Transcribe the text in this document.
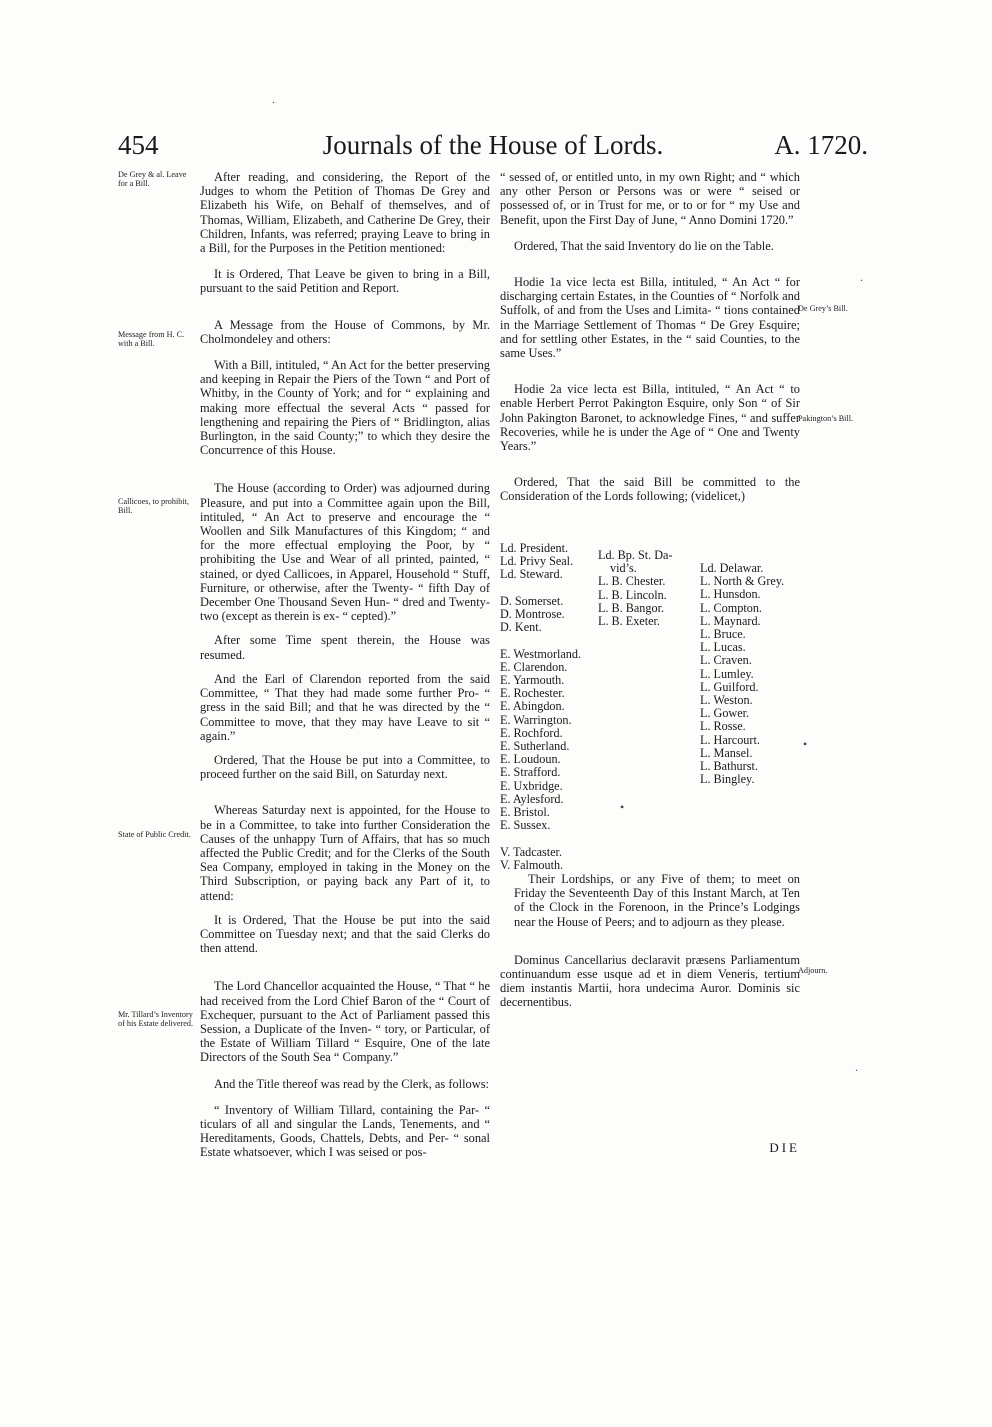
454	Journals of the House of Lords.	A. 1720.
.
De Grey & al. Leave for a Bill.
Message from H. C. with a Bill.
Callicoes, to prohibit, Bill.
State of Public Credit.
Mr. Tillard’s Inventory of his Estate delivered.

After reading, and considering, the Report of the Judges to whom the Petition of Thomas De Grey and Elizabeth his Wife, on Behalf of themselves, and of Thomas, William, Elizabeth, and Catherine De Grey, their Children, Infants, was referred; praying Leave to bring in a Bill, for the Purposes in the Petition mentioned:

It is Ordered, That Leave be given to bring in a Bill, pursuant to the said Petition and Report.

A Message from the House of Commons, by Mr. Cholmondeley and others:

With a Bill, intituled, “ An Act for the better preserving and keeping in Repair the Piers of the Town “ and Port of Whitby, in the County of York; and for “ explaining and making more effectual the several Acts “ passed for lengthening and repairing the Piers of “ Bridlington, alias Burlington, in the said County;” to which they desire the Concurrence of this House.

The House (according to Order) was adjourned during Pleasure, and put into a Committee again upon the Bill, intituled, “ An Act to preserve and encourage the “ Woollen and Silk Manufactures of this Kingdom; “ and for the more effectual employing the Poor, by “ prohibiting the Use and Wear of all printed, painted, “ stained, or dyed Callicoes, in Apparel, Household “ Stuff, Furniture, or otherwise, after the Twenty- “ fifth Day of December One Thousand Seven Hun- “ dred and Twenty-two (except as therein is ex- “ cepted).”

After some Time spent therein, the House was resumed.

And the Earl of Clarendon reported from the said Committee, “ That they had made some further Pro- “ gress in the said Bill; and that he was directed by the “ Committee to move, that they may have Leave to sit “ again.”

Ordered, That the House be put into a Committee, to proceed further on the said Bill, on Saturday next.

Whereas Saturday next is appointed, for the House to be in a Committee, to take into further Consideration the Causes of the unhappy Turn of Affairs, that has so much affected the Public Credit; and for the Clerks of the South Sea Company, employed in taking in the Money on the Third Subscription, or paying back any Part of it, to attend:

It is Ordered, That the House be put into the said Committee on Tuesday next; and that the said Clerks do then attend.

The Lord Chancellor acquainted the House, “ That “ he had received from the Lord Chief Baron of the “ Court of Exchequer, pursuant to the Act of Parliament passed this Session, a Duplicate of the Inven- “ tory, or Particular, of the Estate of William Tillard “ Esquire, One of the late Directors of the South Sea “ Company.”

And the Title thereof was read by the Clerk, as follows:

“ Inventory of William Tillard, containing the Par- “ ticulars of all and singular the Lands, Tenements, and “ Hereditaments, Goods, Chattels, Debts, and Per- “ sonal Estate whatsoever, which I was seised or pos-

“ sessed of, or entitled unto, in my own Right; and “ which any other Person or Persons was or were “ seised or possessed of, or in Trust for me, or to or for “ my Use and Benefit, upon the First Day of June, “ Anno Domini 1720.”

Ordered, That the said Inventory do lie on the Table.

Hodie 1a vice lecta est Billa, intituled, “ An Act “ for discharging certain Estates, in the Counties of “ Norfolk and Suffolk, of and from the Uses and Limita- “ tions contained in the Marriage Settlement of Thomas “ De Grey Esquire; and for settling other Estates, in the “ said Counties, to the same Uses.”

Hodie 2a vice lecta est Billa, intituled, “ An Act “ to enable Herbert Perrot Pakington Esquire, only Son “ of Sir John Pakington Baronet, to acknowledge Fines, “ and suffer Recoveries, while he is under the Age of “ One and Twenty Years.”

Ordered, That the said Bill be committed to the Consideration of the Lords following; (videlicet,)

De Grey’s Bill.
Pakington’s Bill.
Adjourn.
Ld. President.
Ld. Privy Seal.
Ld. Steward.

D. Somerset.
D. Montrose.
D. Kent.

E. Westmorland.
E. Clarendon.
E. Yarmouth.
E. Rochester.
E. Abingdon.
E. Warrington.
E. Rochford.
E. Sutherland.
E. Loudoun.
E. Strafford.
E. Uxbridge.
E. Aylesford.
E. Bristol.
E. Sussex.

V. Tadcaster.
V. Falmouth.
Ld. Bp. St. Da-
vid’s.
L. B. Chester.
L. B. Lincoln.
L. B. Bangor.
L. B. Exeter.
Ld. Delawar.
L. North & Grey.
L. Hunsdon.
L. Compton.
L. Maynard.
L. Bruce.
L. Lucas.
L. Craven.
L. Lumley.
L. Guilford.
L. Weston.
L. Gower.
L. Rosse.
L. Harcourt.
L. Mansel.
L. Bathurst.
L. Bingley.

Their Lordships, or any Five of them; to meet on Friday the Seventeenth Day of this Instant March, at Ten of the Clock in the Forenoon, in the Prince’s Lodgings near the House of Peers; and to adjourn as they please.

Dominus Cancellarius declaravit præsens Parliamentum continuandum esse usque ad et in diem Veneris, tertium diem instantis Martii, hora undecima Auror. Dominis sic decernentibus.

DIE
.
•
•
.
